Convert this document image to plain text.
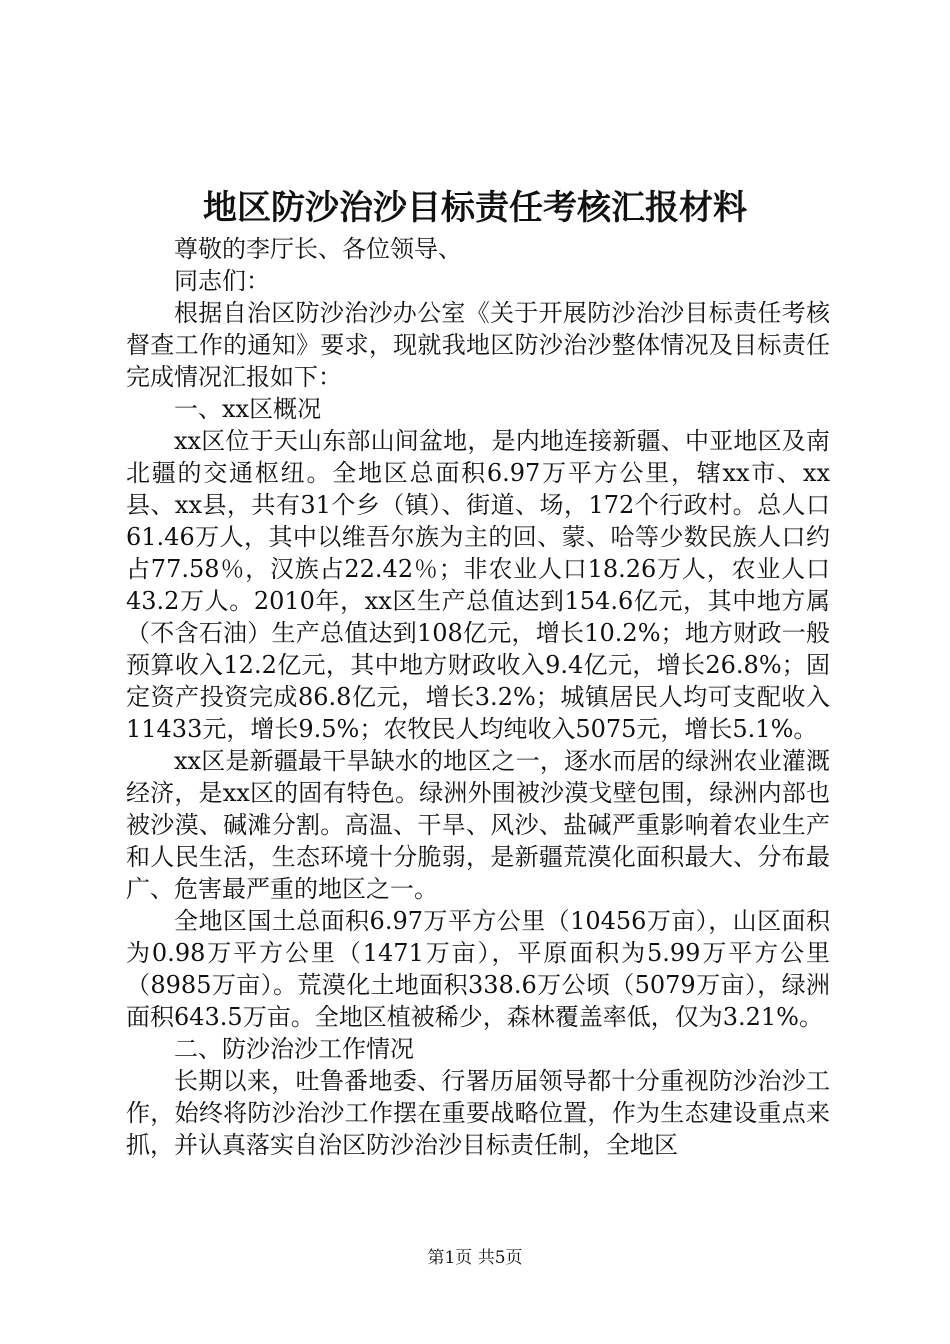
地区防沙治沙目标责任考核汇报材料

尊敬的李厅长、各位领导、

同志们：

根据自治区防沙治沙办公室《关于开展防沙治沙目标责任考核督查工作的通知》要求，现就我地区防沙治沙整体情况及目标责任完成情况汇报如下：

一、xx区概况

xx区位于天山东部山间盆地，是内地连接新疆、中亚地区及南北疆的交通枢纽。全地区总面积6.97万平方公里，辖xx市、xx县、xx县，共有31个乡（镇）、街道、场，172个行政村。总人口61.46万人，其中以维吾尔族为主的回、蒙、哈等少数民族人口约占77.58％，汉族占22.42％；非农业人口18.26万人，农业人口43.2万人。2010年，xx区生产总值达到154.6亿元，其中地方属（不含石油）生产总值达到108亿元，增长10.2%；地方财政一般预算收入12.2亿元，其中地方财政收入9.4亿元，增长26.8%；固定资产投资完成86.8亿元，增长3.2%；城镇居民人均可支配收入11433元，增长9.5%；农牧民人均纯收入5075元，增长5.1%。

xx区是新疆最干旱缺水的地区之一，逐水而居的绿洲农业灌溉经济，是xx区的固有特色。绿洲外围被沙漠戈壁包围，绿洲内部也被沙漠、碱滩分割。高温、干旱、风沙、盐碱严重影响着农业生产和人民生活，生态环境十分脆弱，是新疆荒漠化面积最大、分布最广、危害最严重的地区之一。

全地区国土总面积6.97万平方公里（10456万亩），山区面积为0.98万平方公里（1471万亩），平原面积为5.99万平方公里（8985万亩）。荒漠化土地面积338.6万公顷（5079万亩），绿洲面积643.5万亩。全地区植被稀少，森林覆盖率低，仅为3.21%。

二、防沙治沙工作情况

长期以来，吐鲁番地委、行署历届领导都十分重视防沙治沙工作，始终将防沙治沙工作摆在重要战略位置，作为生态建设重点来抓，并认真落实自治区防沙治沙目标责任制，全地区

第1页 共5页
